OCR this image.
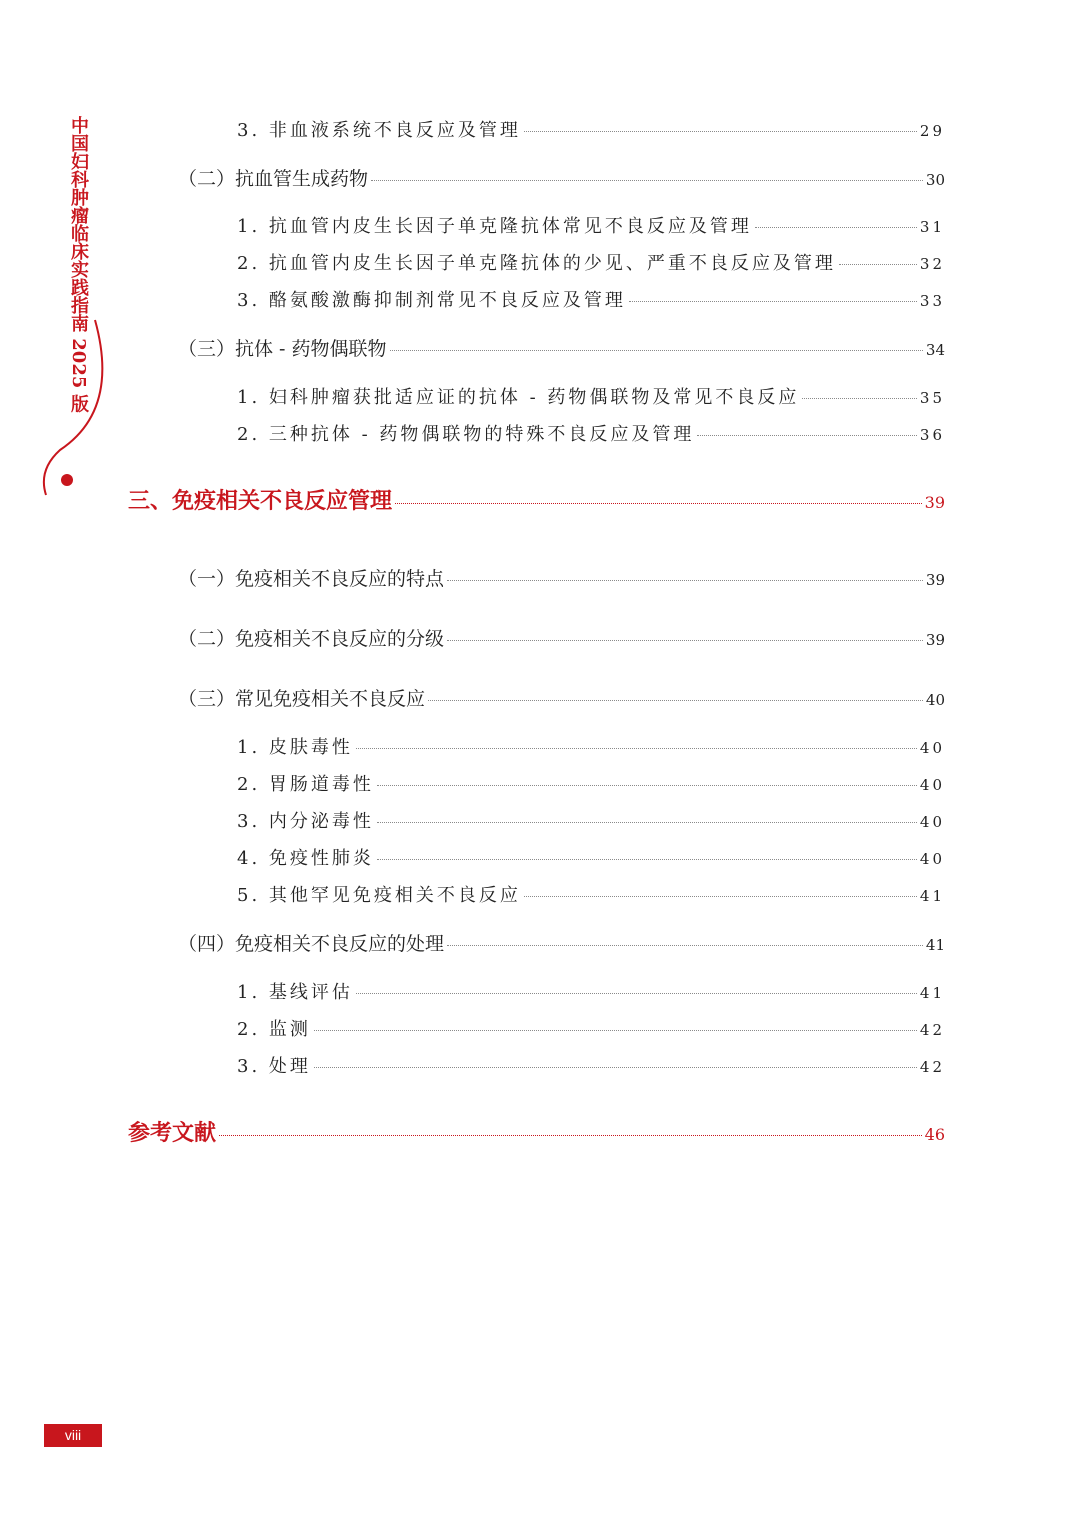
中国妇科肿瘤临床实践指南 2025 版	3. 非血液系统不良反应及管理	29
（二）抗血管生成药物	30
1. 抗血管内皮生长因子单克隆抗体常见不良反应及管理	31
2. 抗血管内皮生长因子单克隆抗体的少见、严重不良反应及管理	32
3. 酪氨酸激酶抑制剂常见不良反应及管理	33
（三）抗体 - 药物偶联物	34
1. 妇科肿瘤获批适应证的抗体 - 药物偶联物及常见不良反应	35
2. 三种抗体 - 药物偶联物的特殊不良反应及管理	36
三、免疫相关不良反应管理	39
（一）免疫相关不良反应的特点	39
（二）免疫相关不良反应的分级	39
（三）常见免疫相关不良反应	40
1. 皮肤毒性	40
2. 胃肠道毒性	40
3. 内分泌毒性	40
4. 免疫性肺炎	40
5. 其他罕见免疫相关不良反应	41
（四）免疫相关不良反应的处理	41
1. 基线评估	41
2. 监测	42
3. 处理	42
参考文献	46
viii
